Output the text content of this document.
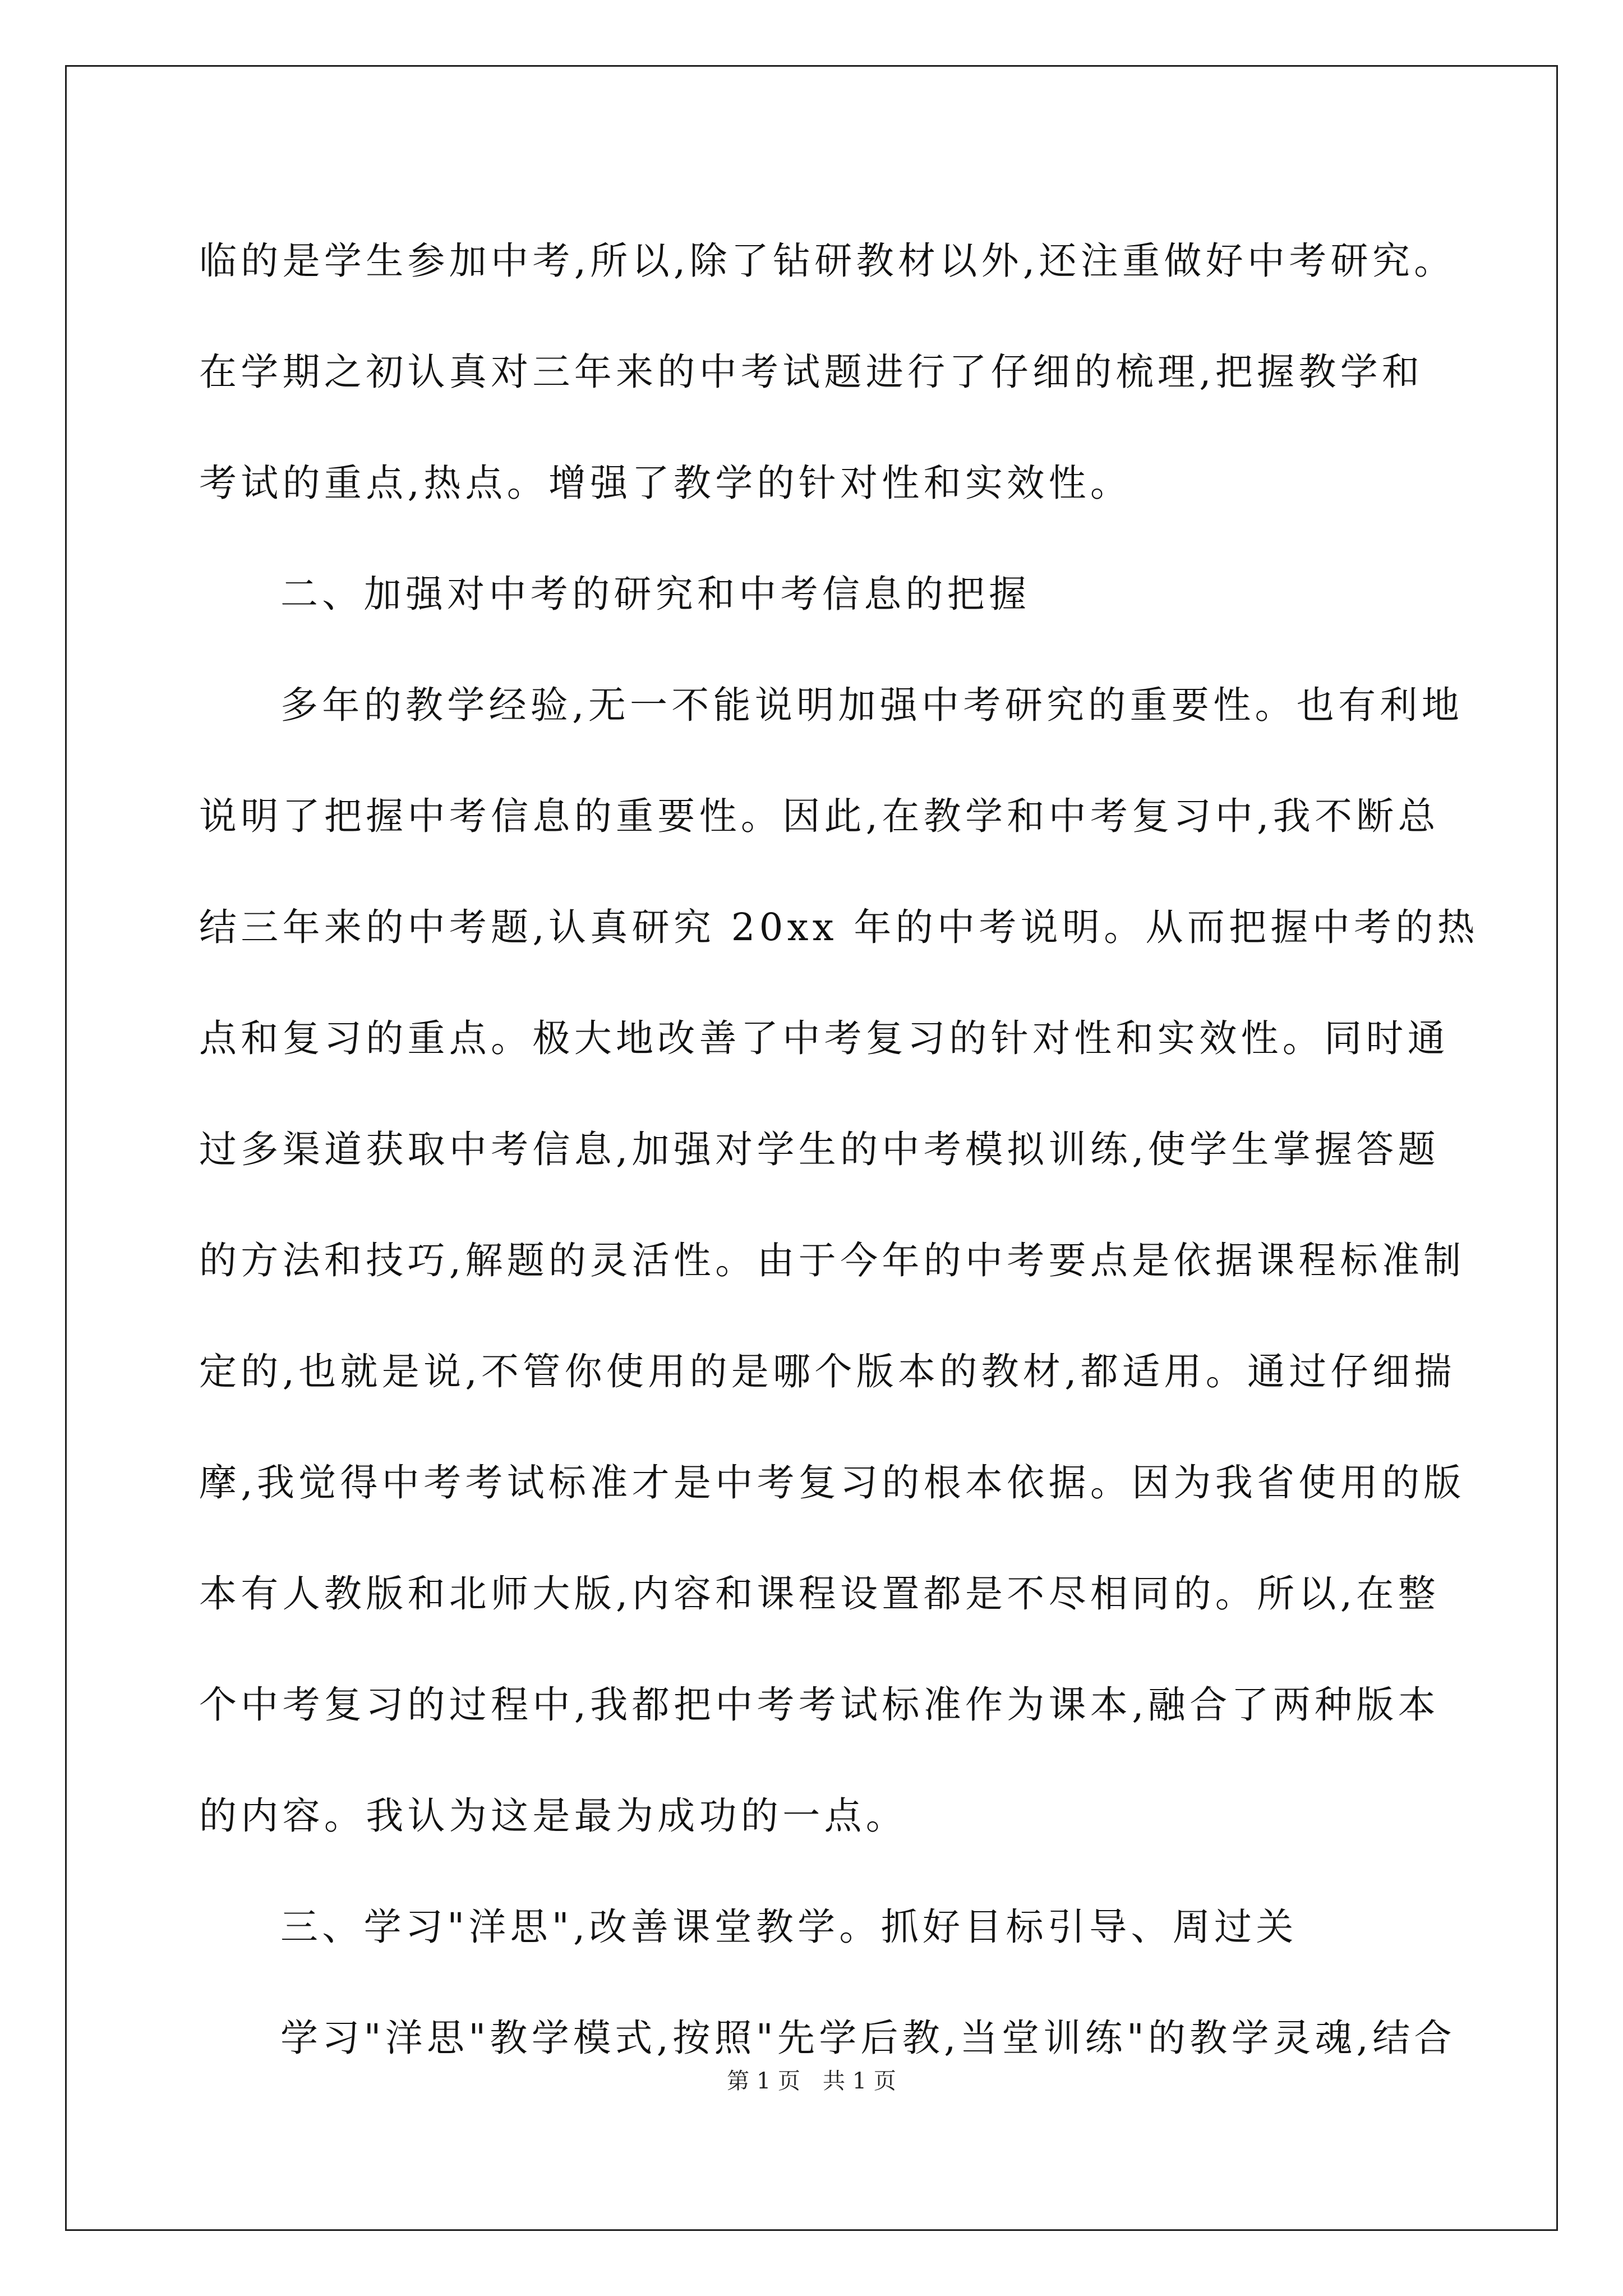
临的是学生参加中考,所以,除了钻研教材以外,还注重做好中考研究。
在学期之初认真对三年来的中考试题进行了仔细的梳理,把握教学和
考试的重点,热点。增强了教学的针对性和实效性。
二、加强对中考的研究和中考信息的把握
多年的教学经验,无一不能说明加强中考研究的重要性。也有利地
说明了把握中考信息的重要性。因此,在教学和中考复习中,我不断总
结三年来的中考题,认真研究 20xx 年的中考说明。从而把握中考的热
点和复习的重点。极大地改善了中考复习的针对性和实效性。同时通
过多渠道获取中考信息,加强对学生的中考模拟训练,使学生掌握答题
的方法和技巧,解题的灵活性。由于今年的中考要点是依据课程标准制
定的,也就是说,不管你使用的是哪个版本的教材,都适用。通过仔细揣
摩,我觉得中考考试标准才是中考复习的根本依据。因为我省使用的版
本有人教版和北师大版,内容和课程设置都是不尽相同的。所以,在整
个中考复习的过程中,我都把中考考试标准作为课本,融合了两种版本
的内容。我认为这是最为成功的一点。
三、学习"洋思",改善课堂教学。抓好目标引导、周过关
学习"洋思"教学模式,按照"先学后教,当堂训练"的教学灵魂,结合
第 1 页　共 1 页
